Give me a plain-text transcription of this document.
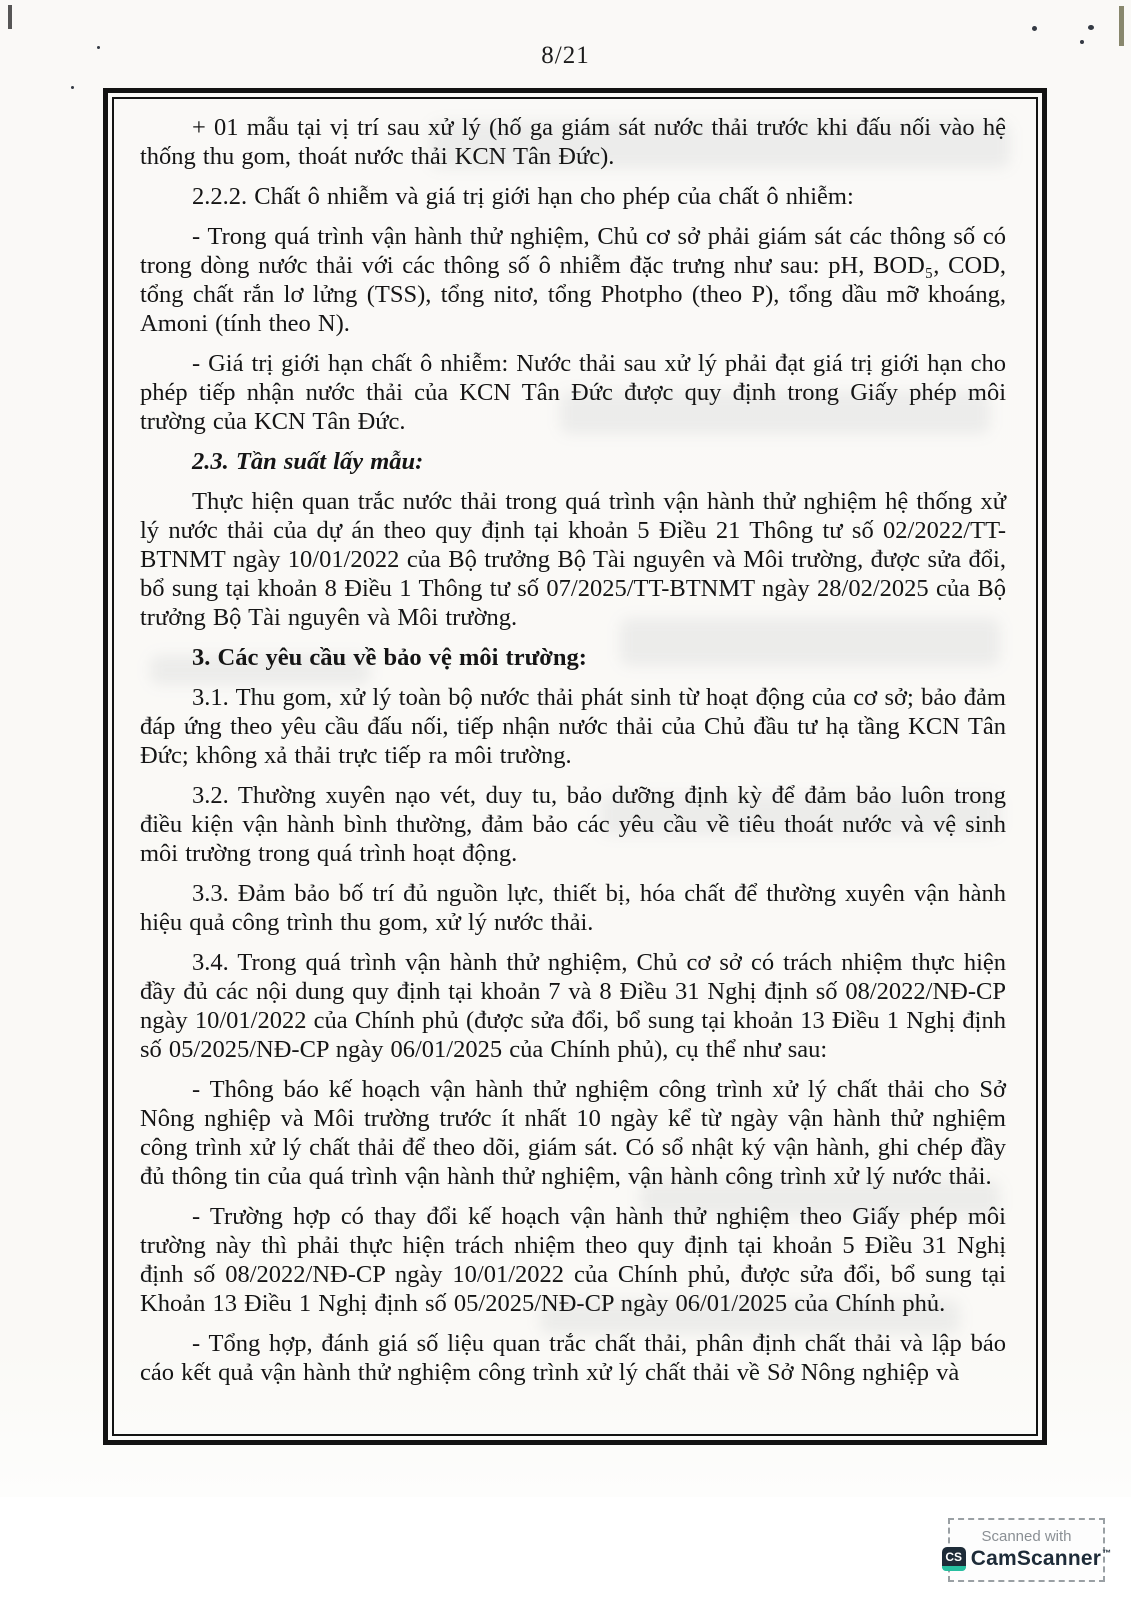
8/21

+ 01 mẫu tại vị trí sau xử lý (hố ga giám sát nước thải trước khi đấu nối vào hệ thống thu gom, thoát nước thải KCN Tân Đức).

2.2.2. Chất ô nhiễm và giá trị giới hạn cho phép của chất ô nhiễm:

- Trong quá trình vận hành thử nghiệm, Chủ cơ sở phải giám sát các thông số có trong dòng nước thải với các thông số ô nhiễm đặc trưng như sau: pH, BOD₅, COD, tổng chất rắn lơ lửng (TSS), tổng nitơ, tổng Photpho (theo P), tổng dầu mỡ khoáng, Amoni (tính theo N).

- Giá trị giới hạn chất ô nhiễm: Nước thải sau xử lý phải đạt giá trị giới hạn cho phép tiếp nhận nước thải của KCN Tân Đức được quy định trong Giấy phép môi trường của KCN Tân Đức.

2.3. Tần suất lấy mẫu:

Thực hiện quan trắc nước thải trong quá trình vận hành thử nghiệm hệ thống xử lý nước thải của dự án theo quy định tại khoản 5 Điều 21 Thông tư số 02/2022/TT-BTNMT ngày 10/01/2022 của Bộ trưởng Bộ Tài nguyên và Môi trường, được sửa đổi, bổ sung tại khoản 8 Điều 1 Thông tư số 07/2025/TT-BTNMT ngày 28/02/2025 của Bộ trưởng Bộ Tài nguyên và Môi trường.

3. Các yêu cầu về bảo vệ môi trường:

3.1. Thu gom, xử lý toàn bộ nước thải phát sinh từ hoạt động của cơ sở; bảo đảm đáp ứng theo yêu cầu đấu nối, tiếp nhận nước thải của Chủ đầu tư hạ tầng KCN Tân Đức; không xả thải trực tiếp ra môi trường.

3.2. Thường xuyên nạo vét, duy tu, bảo dưỡng định kỳ để đảm bảo luôn trong điều kiện vận hành bình thường, đảm bảo các yêu cầu về tiêu thoát nước và vệ sinh môi trường trong quá trình hoạt động.

3.3. Đảm bảo bố trí đủ nguồn lực, thiết bị, hóa chất để thường xuyên vận hành hiệu quả công trình thu gom, xử lý nước thải.

3.4. Trong quá trình vận hành thử nghiệm, Chủ cơ sở có trách nhiệm thực hiện đầy đủ các nội dung quy định tại khoản 7 và 8 Điều 31 Nghị định số 08/2022/NĐ-CP ngày 10/01/2022 của Chính phủ (được sửa đổi, bổ sung tại khoản 13 Điều 1 Nghị định số 05/2025/NĐ-CP ngày 06/01/2025 của Chính phủ), cụ thể như sau:

- Thông báo kế hoạch vận hành thử nghiệm công trình xử lý chất thải cho Sở Nông nghiệp và Môi trường trước ít nhất 10 ngày kể từ ngày vận hành thử nghiệm công trình xử lý chất thải để theo dõi, giám sát. Có sổ nhật ký vận hành, ghi chép đầy đủ thông tin của quá trình vận hành thử nghiệm, vận hành công trình xử lý nước thải.

- Trường hợp có thay đổi kế hoạch vận hành thử nghiệm theo Giấy phép môi trường này thì phải thực hiện trách nhiệm theo quy định tại khoản 5 Điều 31 Nghị định số 08/2022/NĐ-CP ngày 10/01/2022 của Chính phủ, được sửa đổi, bổ sung tại Khoản 13 Điều 1 Nghị định số 05/2025/NĐ-CP ngày 06/01/2025 của Chính phủ.

- Tổng hợp, đánh giá số liệu quan trắc chất thải, phân định chất thải và lập báo cáo kết quả vận hành thử nghiệm công trình xử lý chất thải về Sở Nông nghiệp và

Scanned with
CS CamScanner™
